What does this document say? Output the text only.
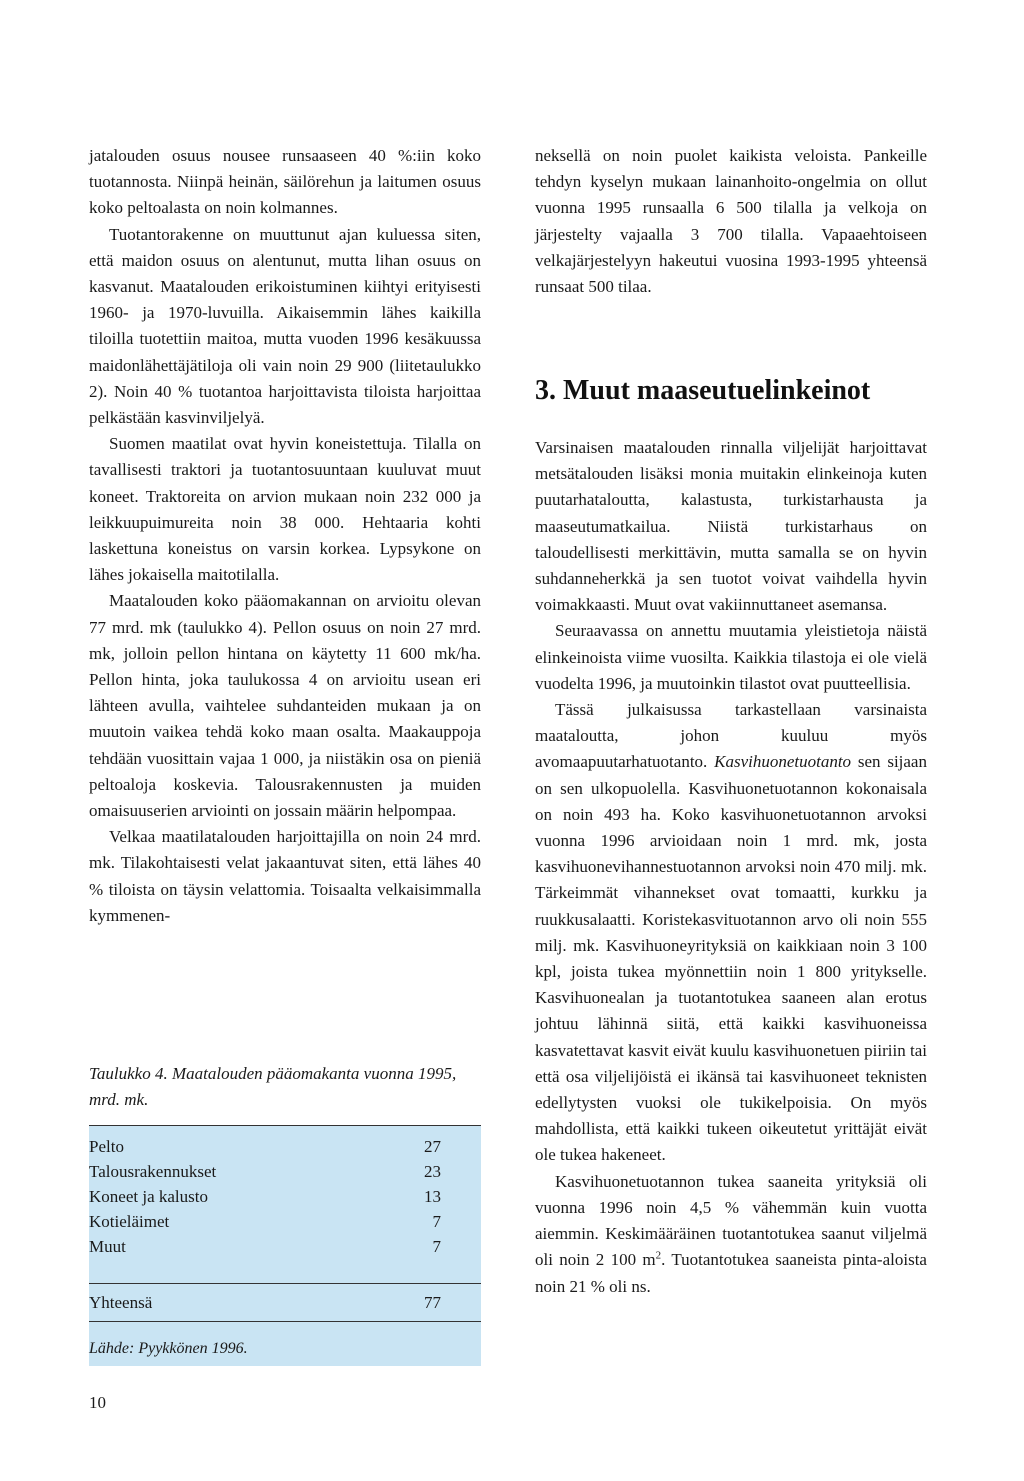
jatalouden osuus nousee runsaaseen 40 %:iin koko tuotannosta. Niinpä heinän, säilörehun ja laitumen osuus koko peltoalasta on noin kolmannes.

Tuotantorakenne on muuttunut ajan kuluessa siten, että maidon osuus on alentunut, mutta lihan osuus on kasvanut. Maatalouden erikoistuminen kiihtyi erityisesti 1960- ja 1970-luvuilla. Aikaisemmin lähes kaikilla tiloilla tuotettiin maitoa, mutta vuoden 1996 kesäkuussa maidonlähettäjätiloja oli vain noin 29 900 (liitetaulukko 2). Noin 40 % tuotantoa harjoittavista tiloista harjoittaa pelkästään kasvinviljelyä.

Suomen maatilat ovat hyvin koneistettuja. Tilalla on tavallisesti traktori ja tuotantosuuntaan kuuluvat muut koneet. Traktoreita on arvion mukaan noin 232 000 ja leikkuupuimureita noin 38 000. Hehtaaria kohti laskettuna koneistus on varsin korkea. Lypsykone on lähes jokaisella maitotilalla.

Maatalouden koko pääomakannan on arvioitu olevan 77 mrd. mk (taulukko 4). Pellon osuus on noin 27 mrd. mk, jolloin pellon hintana on käytetty 11 600 mk/ha. Pellon hinta, joka taulukossa 4 on arvioitu usean eri lähteen avulla, vaihtelee suhdanteiden mukaan ja on muutoin vaikea tehdä koko maan osalta. Maakauppoja tehdään vuosittain vajaa 1 000, ja niistäkin osa on pieniä peltoaloja koskevia. Talousrakennusten ja muiden omaisuuserien arviointi on jossain määrin helpompaa.

Velkaa maatilatalouden harjoittajilla on noin 24 mrd. mk. Tilakohtaisesti velat jakaantuvat siten, että lähes 40 % tiloista on täysin velattomia. Toisaalta velkaisimmalla kymmenen-

neksellä on noin puolet kaikista veloista. Pankeille tehdyn kyselyn mukaan lainanhoito-ongelmia on ollut vuonna 1995 runsaalla 6 500 tilalla ja velkoja on järjestelty vajaalla 3 700 tilalla. Vapaaehtoiseen velkajärjestelyyn hakeutui vuosina 1993-1995 yhteensä runsaat 500 tilaa.

3. Muut maaseutuelinkeinot

Varsinaisen maatalouden rinnalla viljelijät harjoittavat metsätalouden lisäksi monia muitakin elinkeinoja kuten puutarhataloutta, kalastusta, turkistarhausta ja maaseutumatkailua. Niistä turkistarhaus on taloudellisesti merkittävin, mutta samalla se on hyvin suhdanneherkkä ja sen tuotot voivat vaihdella hyvin voimakkaasti. Muut ovat vakiinnuttaneet asemansa.

Seuraavassa on annettu muutamia yleistietoja näistä elinkeinoista viime vuosilta. Kaikkia tilastoja ei ole vielä vuodelta 1996, ja muutoinkin tilastot ovat puutteellisia.

Tässä julkaisussa tarkastellaan varsinaista maataloutta, johon kuuluu myös avomaapuutarhatuotanto. Kasvihuonetuotanto sen sijaan on sen ulkopuolella. Kasvihuonetuotannon kokonaisala on noin 493 ha. Koko kasvihuonetuotannon arvoksi vuonna 1996 arvioidaan noin 1 mrd. mk, josta kasvihuonevihannestuotannon arvoksi noin 470 milj. mk. Tärkeimmät vihannekset ovat tomaatti, kurkku ja ruukkusalaatti. Koristekasvituotannon arvo oli noin 555 milj. mk. Kasvihuoneyrityksiä on kaikkiaan noin 3 100 kpl, joista tukea myönnettiin noin 1 800 yritykselle. Kasvihuonealan ja tuotantotukea saaneen alan erotus johtuu lähinnä siitä, että kaikki kasvihuoneissa kasvatettavat kasvit eivät kuulu kasvihuonetuen piiriin tai että osa viljelijöistä ei ikänsä tai kasvihuoneet teknisten edellytysten vuoksi ole tukikelpoisia. On myös mahdollista, että kaikki tukeen oikeutetut yrittäjät eivät ole tukea hakeneet.

Kasvihuonetuotannon tukea saaneita yrityksiä oli vuonna 1996 noin 4,5 % vähemmän kuin vuotta aiemmin. Keskimääräinen tuotantotukea saanut viljelmä oli noin 2 100 $m^2$. Tuotantotukea saaneista pinta-aloista noin 21 % oli ns.

Taulukko 4. Maatalouden pääomakanta vuonna 1995, mrd. mk.
Pelto	27
Talousrakennukset	23
Koneet ja kalusto	13
Kotieläimet	7
Muut	7
Yhteensä	77
Lähde: Pyykkönen 1996.
10
